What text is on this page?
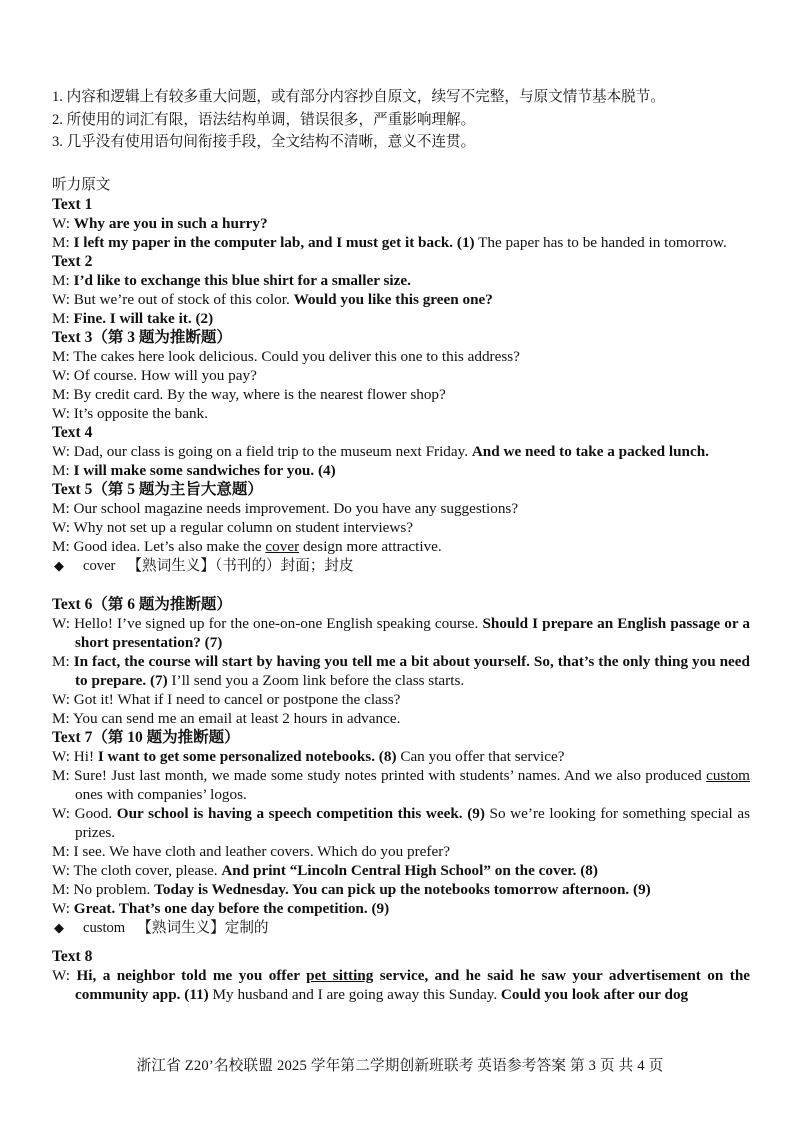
1. 内容和逻辑上有较多重大问题，或有部分内容抄自原文，续写不完整，与原文情节基本脱节。
2. 所使用的词汇有限，语法结构单调，错误很多，严重影响理解。
3. 几乎没有使用语句间衔接手段，全文结构不清晰，意义不连贯。
听力原文
Text 1
W: Why are you in such a hurry?
M: I left my paper in the computer lab, and I must get it back. (1) The paper has to be handed in tomorrow.
Text 2
M: I’d like to exchange this blue shirt for a smaller size.
W: But we’re out of stock of this color. Would you like this green one?
M: Fine. I will take it. (2)
Text 3（第 3 题为推断题）
M: The cakes here look delicious. Could you deliver this one to this address?
W: Of course. How will you pay?
M: By credit card. By the way, where is the nearest flower shop?
W: It’s opposite the bank.
Text 4
W: Dad, our class is going on a field trip to the museum next Friday. And we need to take a packed lunch.
M: I will make some sandwiches for you. (4)
Text 5（第 5 题为主旨大意题）
M: Our school magazine needs improvement. Do you have any suggestions?
W: Why not set up a regular column on student interviews?
M: Good idea. Let’s also make the cover design more attractive.
◆ cover 【熟词生义】（书刊的）封面；封皮
Text 6（第 6 题为推断题）
W: Hello! I’ve signed up for the one-on-one English speaking course. Should I prepare an English passage or a short presentation? (7)
M: In fact, the course will start by having you tell me a bit about yourself. So, that’s the only thing you need to prepare. (7) I’ll send you a Zoom link before the class starts.
W: Got it! What if I need to cancel or postpone the class?
M: You can send me an email at least 2 hours in advance.
Text 7（第 10 题为推断题）
W: Hi! I want to get some personalized notebooks. (8) Can you offer that service?
M: Sure! Just last month, we made some study notes printed with students’ names. And we also produced custom ones with companies’ logos.
W: Good. Our school is having a speech competition this week. (9) So we’re looking for something special as prizes.
M: I see. We have cloth and leather covers. Which do you prefer?
W: The cloth cover, please. And print “Lincoln Central High School” on the cover. (8)
M: No problem. Today is Wednesday. You can pick up the notebooks tomorrow afternoon. (9)
W: Great. That’s one day before the competition. (9)
◆ custom 【熟词生义】定制的
Text 8
W: Hi, a neighbor told me you offer pet sitting service, and he said he saw your advertisement on the community app. (11) My husband and I are going away this Sunday. Could you look after our dog
浙江省 Z20’名校联盟 2025 学年第二学期创新班联考 英语参考答案 第 3 页 共 4 页
